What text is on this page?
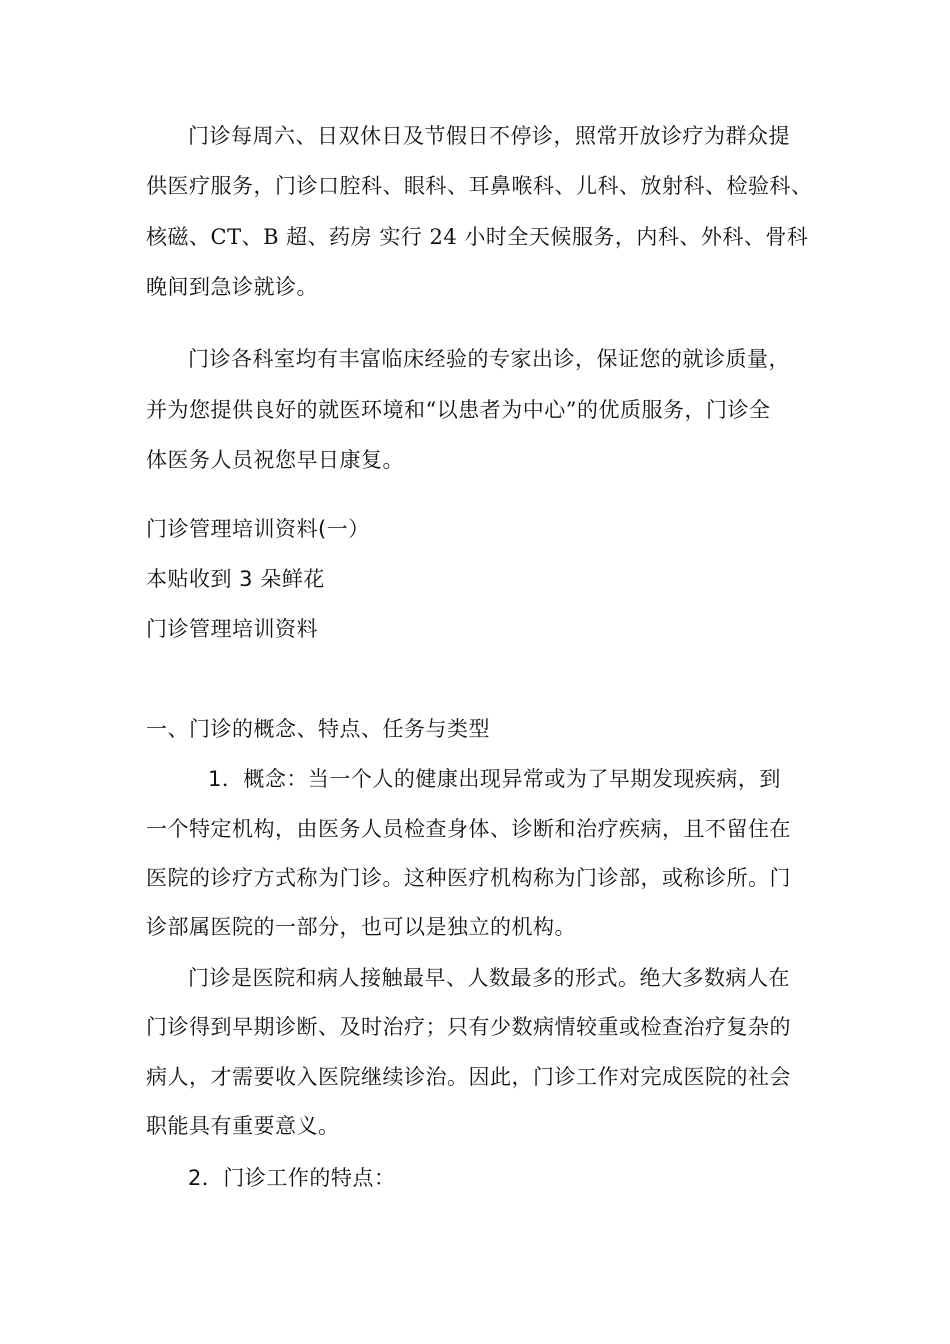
门诊每周六、日双休日及节假日不停诊，照常开放诊疗为群众提
供医疗服务，门诊口腔科、眼科、耳鼻喉科、儿科、放射科、检验科、
核磁、CT、B 超、药房 实行 24 小时全天候服务，内科、外科、骨科
晚间到急诊就诊。
门诊各科室均有丰富临床经验的专家出诊，保证您的就诊质量，
并为您提供良好的就医环境和“以患者为中心”的优质服务，门诊全
体医务人员祝您早日康复。
门诊管理培训资料(一）
本贴收到 3 朵鲜花
门诊管理培训资料
一、门诊的概念、特点、任务与类型
1．概念：当一个人的健康出现异常或为了早期发现疾病，到
一个特定机构，由医务人员检查身体、诊断和治疗疾病，且不留住在
医院的诊疗方式称为门诊。这种医疗机构称为门诊部，或称诊所。门
诊部属医院的一部分，也可以是独立的机构。
门诊是医院和病人接触最早、人数最多的形式。绝大多数病人在
门诊得到早期诊断、及时治疗；只有少数病情较重或检查治疗复杂的
病人，才需要收入医院继续诊治。因此，门诊工作对完成医院的社会
职能具有重要意义。
2．门诊工作的特点：
